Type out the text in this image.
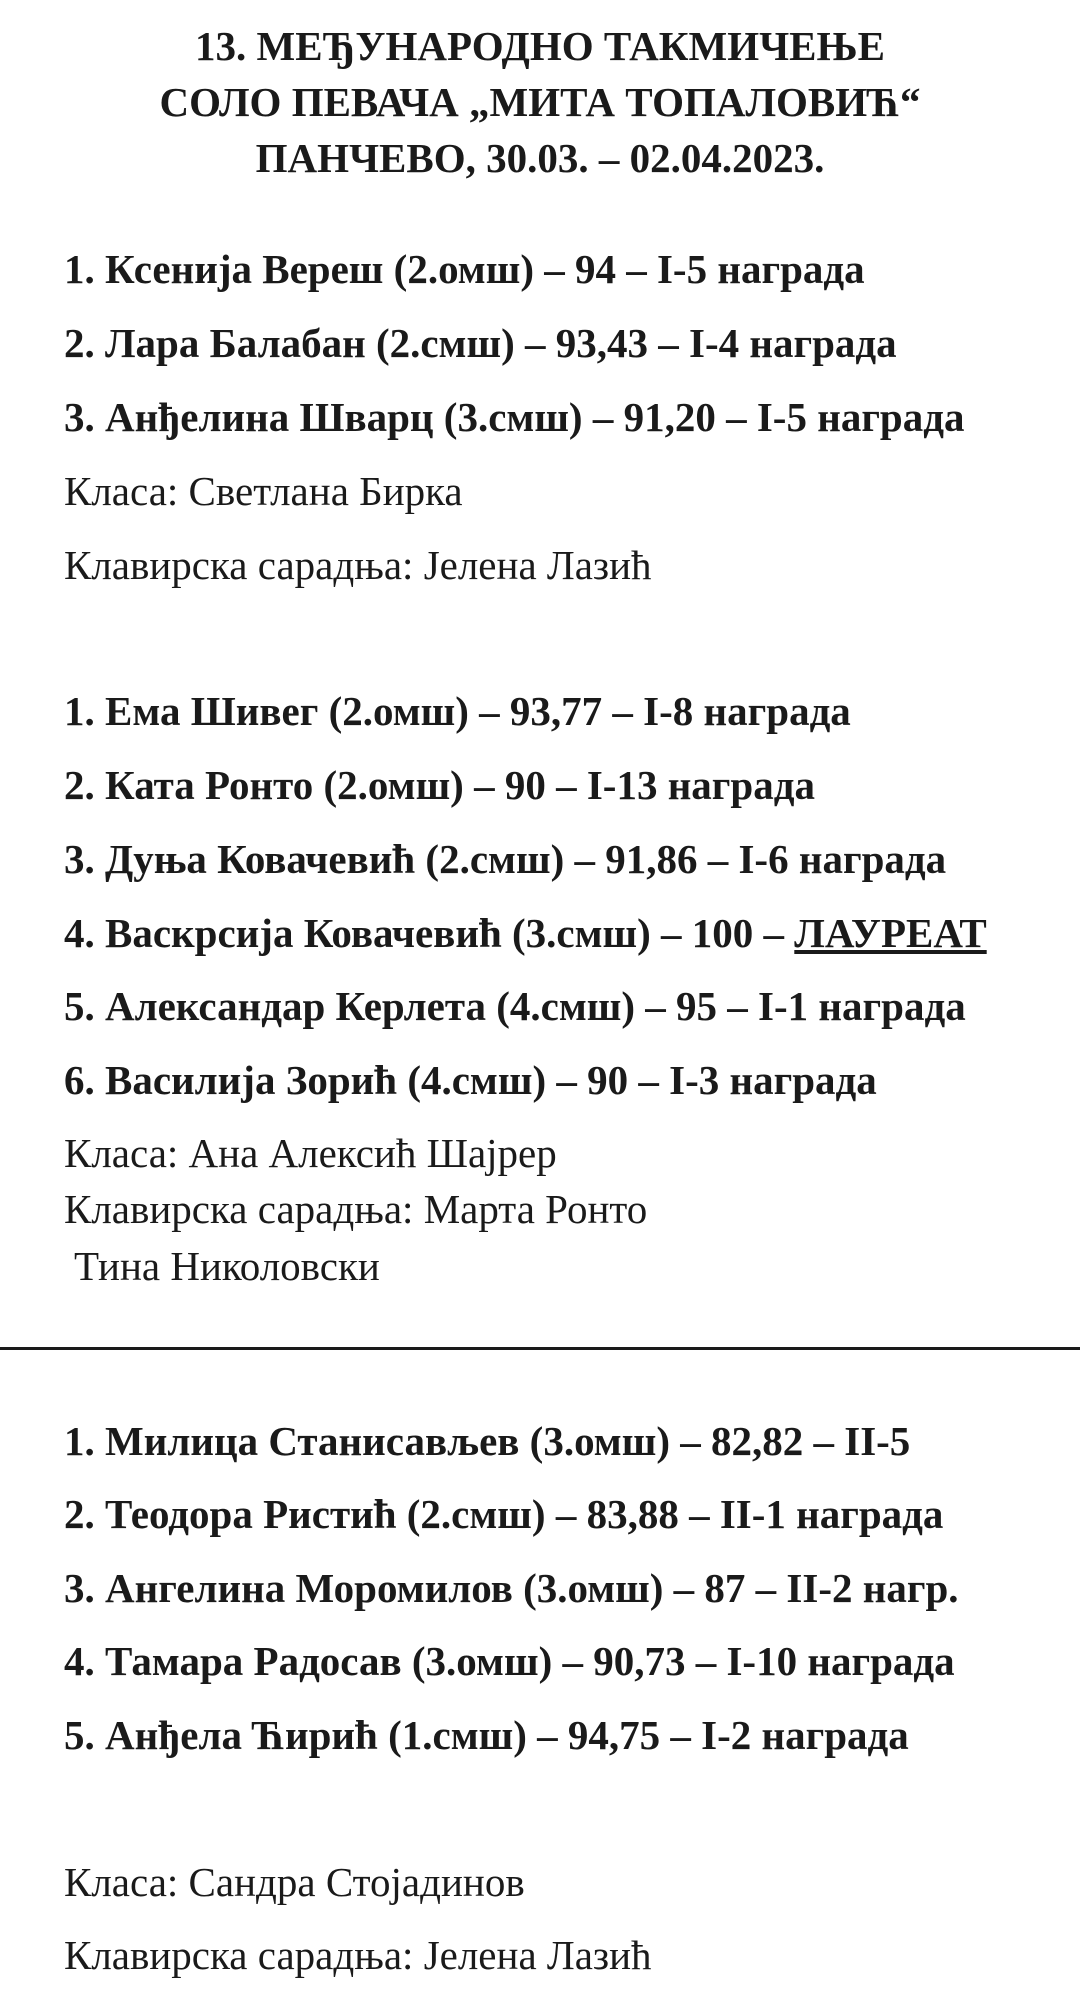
13. МЕЂУНАРОДНО ТАКМИЧЕЊЕ
СОЛО ПЕВАЧА „МИТА ТОПАЛОВИЋ“
ПАНЧЕВО, 30.03. – 02.04.2023.
1. Ксенија Вереш (2.омш) – 94 – I-5 награда
2. Лара Балабан (2.смш) – 93,43 – I-4 награда
3. Анђелина Шварц (3.смш) – 91,20 – I-5 награда
Класа: Светлана Бирка
Клавирска сарадња: Јелена Лазић
1. Ема Шивег (2.омш) – 93,77 – I-8 награда
2. Ката Ронто (2.омш) – 90 – I-13 награда
3. Дуња Ковачевић (2.смш) – 91,86 – I-6 награда
4. Васкрсија Ковачевић (3.смш) – 100 – ЛАУРЕАТ
5. Александар Керлета (4.смш) – 95 – I-1 награда
6. Василија Зорић (4.смш) – 90 – I-3 награда
Класа: Ана Алексић Шајрер
Клавирска сарадња: Марта Ронто
Тина Николовски
1. Милица Станисављев (3.омш) – 82,82 – II-5
2. Теодора Ристић (2.смш) – 83,88 – II-1 награда
3. Ангелина Моромилов (3.омш) – 87 – II-2 нагр.
4. Тамара Радосав (3.омш) – 90,73 – I-10 награда
5. Анђела Ћирић (1.смш) – 94,75 – I-2 награда
Класа: Сандра Стојадинов
Клавирска сарадња: Јелена Лазић
